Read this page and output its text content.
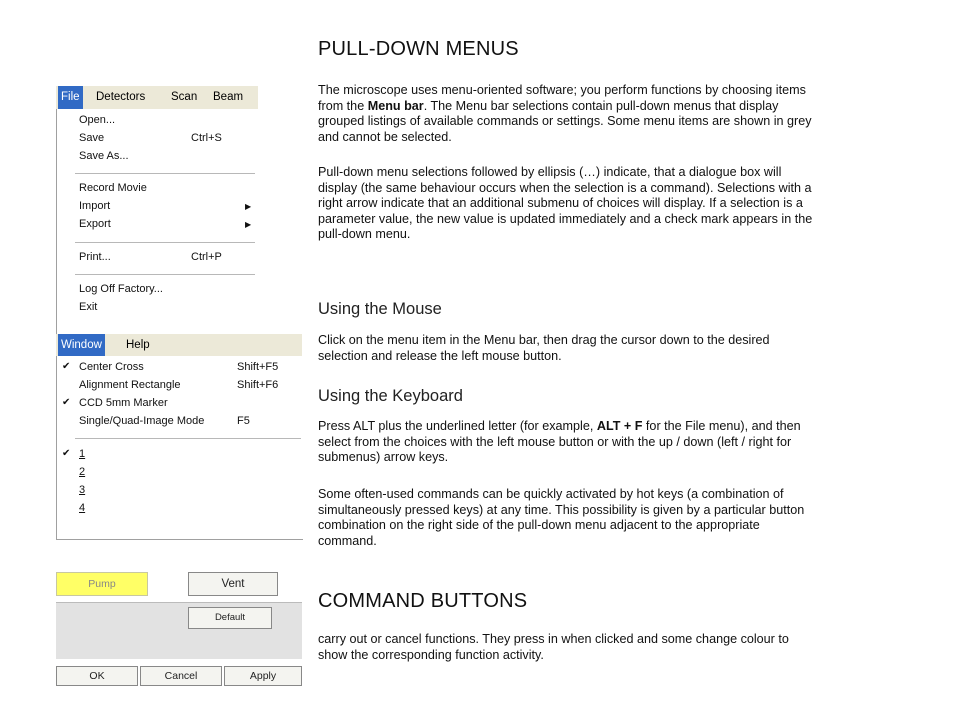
File Detectors Scan Beam
Open...
Save	Ctrl+S
Save As...
Record Movie
Import	▶
Export	▶
Print...	Ctrl+P
Log Off Factory...
Exit
Window Help
✔ Center Cross	Shift+F5
Alignment Rectangle	Shift+F6
✔ CCD 5mm Marker
Single/Quad-Image Mode	F5
✔ 1
2
3
4
Pump	Vent
Default
OK	Cancel	Apply
PULL-DOWN MENUS

The microscope uses menu-oriented software; you perform functions by choosing items from the Menu bar. The Menu bar selections contain pull-down menus that display grouped listings of available commands or settings. Some menu items are shown in grey and cannot be selected.

Pull-down menu selections followed by ellipsis (…) indicate, that a dialogue box will display (the same behaviour occurs when the selection is a command). Selections with a right arrow indicate that an additional submenu of choices will display. If a selection is a parameter value, the new value is updated immediately and a check mark appears in the pull-down menu.

Using the Mouse

Click on the menu item in the Menu bar, then drag the cursor down to the desired selection and release the left mouse button.

Using the Keyboard

Press ALT plus the underlined letter (for example, ALT + F for the File menu), and then select from the choices with the left mouse button or with the up / down (left / right for submenus) arrow keys.

Some often-used commands can be quickly activated by hot keys (a combination of simultaneously pressed keys) at any time. This possibility is given by a particular button combination on the right side of the pull-down menu adjacent to the appropriate command.

COMMAND BUTTONS

carry out or cancel functions. They press in when clicked and some change colour to show the corresponding function activity.
